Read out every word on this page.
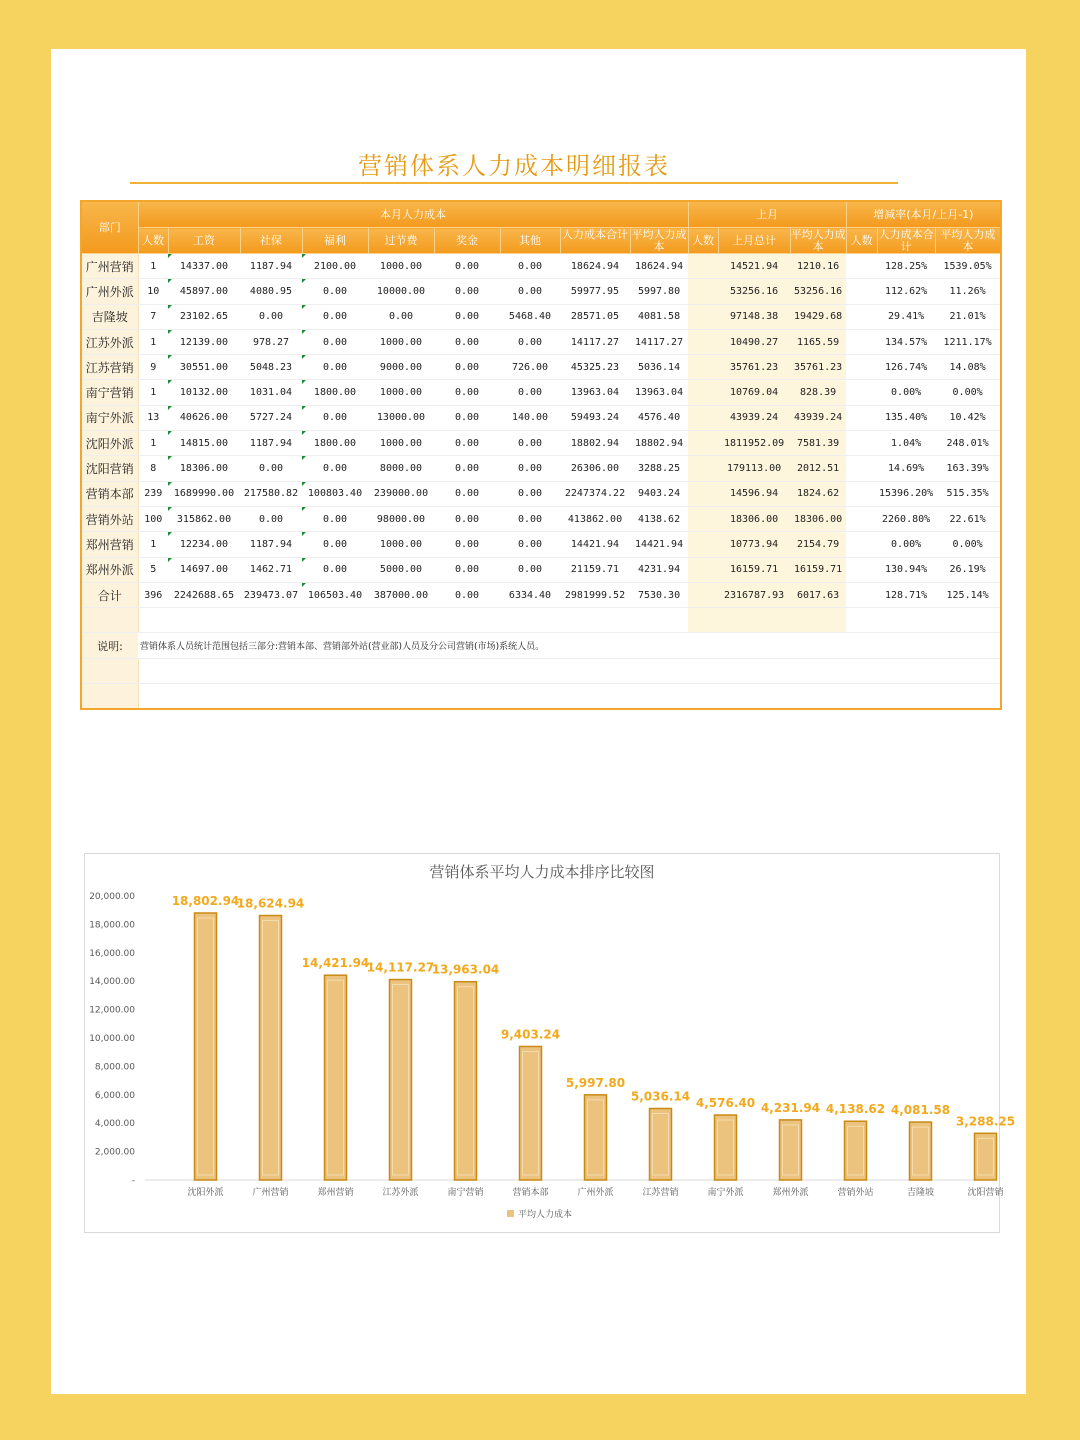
营销体系人力成本明细报表
部门	本月人力成本									上月			增减率(本月/上月-1)		
	人数	工资	社保	福利	过节费	奖金	其他	人力成本合计	平均人力成本	人数	上月总计	平均人力成本	人数	人力成本合计	平均人力成本
广州营销	1	14337.00	1187.94	2100.00	1000.00	0.00	0.00	18624.94	18624.94		14521.94	1210.16		128.25%	1539.05%
广州外派	10	45897.00	4080.95	0.00	10000.00	0.00	0.00	59977.95	5997.80		53256.16	53256.16		112.62%	11.26%
吉隆坡	7	23102.65	0.00	0.00	0.00	0.00	5468.40	28571.05	4081.58		97148.38	19429.68		29.41%	21.01%
江苏外派	1	12139.00	978.27	0.00	1000.00	0.00	0.00	14117.27	14117.27		10490.27	1165.59		134.57%	1211.17%
江苏营销	9	30551.00	5048.23	0.00	9000.00	0.00	726.00	45325.23	5036.14		35761.23	35761.23		126.74%	14.08%
南宁营销	1	10132.00	1031.04	1800.00	1000.00	0.00	0.00	13963.04	13963.04		10769.04	828.39		0.00%	0.00%
南宁外派	13	40626.00	5727.24	0.00	13000.00	0.00	140.00	59493.24	4576.40		43939.24	43939.24		135.40%	10.42%
沈阳外派	1	14815.00	1187.94	1800.00	1000.00	0.00	0.00	18802.94	18802.94		1811952.09	7581.39		1.04%	248.01%
沈阳营销	8	18306.00	0.00	0.00	8000.00	0.00	0.00	26306.00	3288.25		179113.00	2012.51		14.69%	163.39%
营销本部	239	1689990.00	217580.82	100803.40	239000.00	0.00	0.00	2247374.22	9403.24		14596.94	1824.62		15396.20%	515.35%
营销外站	100	315862.00	0.00	0.00	98000.00	0.00	0.00	413862.00	4138.62		18306.00	18306.00		2260.80%	22.61%
郑州营销	1	12234.00	1187.94	0.00	1000.00	0.00	0.00	14421.94	14421.94		10773.94	2154.79		0.00%	0.00%
郑州外派	5	14697.00	1462.71	0.00	5000.00	0.00	0.00	21159.71	4231.94		16159.71	16159.71		130.94%	26.19%
合计	396	2242688.65	239473.07	106503.40	387000.00	0.00	6334.40	2981999.52	7530.30		2316787.93	6017.63		128.71%	125.14%

说明:	营销体系人员统计范围包括三部分:营销本部、营销部外站(营业部)人员及分公司营销(市场)系统人员。														

营销体系平均人力成本排序比较图
-
2,000.00
4,000.00
6,000.00
8,000.00
10,000.00
12,000.00
14,000.00
16,000.00
18,000.00
20,000.00	18,802.94
沈阳外派
18,624.94
广州营销
14,421.94
郑州营销
14,117.27
江苏外派
13,963.04
南宁营销
9,403.24
营销本部
5,997.80
广州外派
5,036.14
江苏营销
4,576.40
南宁外派
4,231.94
郑州外派
4,138.62
营销外站
4,081.58
吉隆坡
3,288.25
沈阳营销
平均人力成本
